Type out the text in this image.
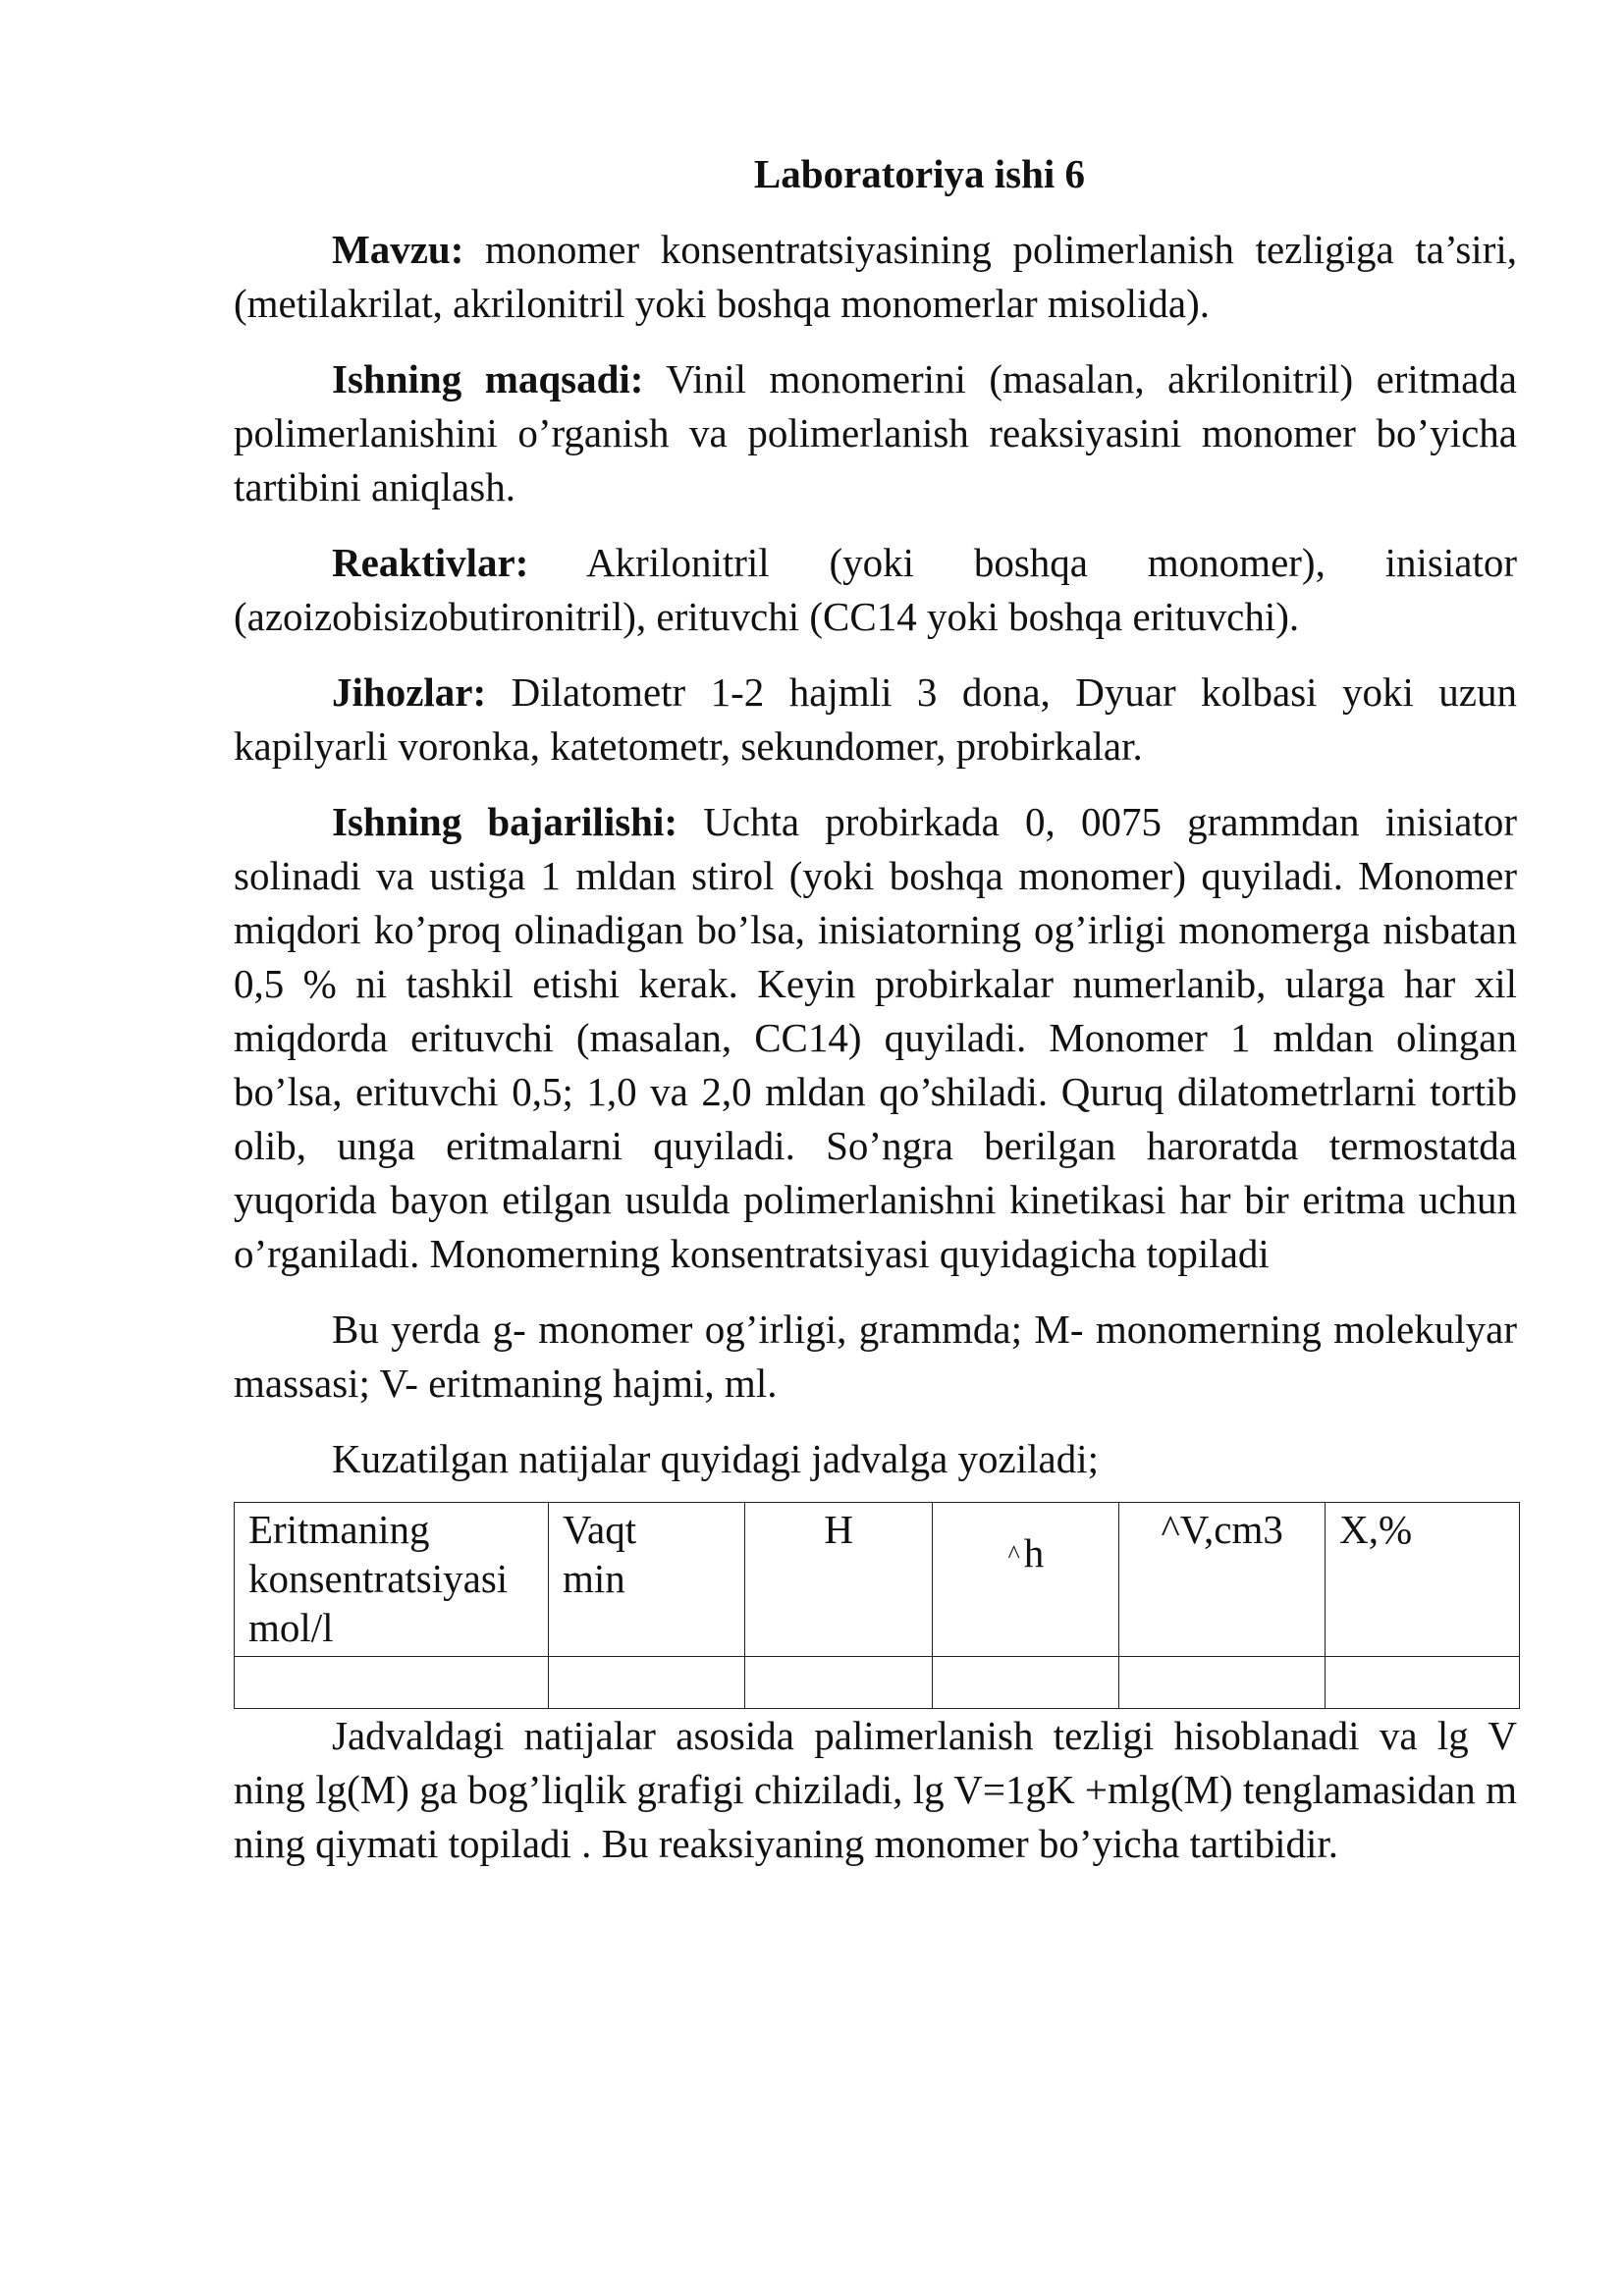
Laboratoriya ishi 6

Mavzu: monomer konsentratsiyasining polimerlanish tezligiga ta’siri, (metilakrilat, akrilonitril yoki boshqa monomerlar misolida).

Ishning maqsadi: Vinil monomerini (masalan, akrilonitril) eritmada polimerlanishini o’rganish va polimerlanish reaksiyasini monomer bo’yicha tartibini aniqlash.

Reaktivlar: Akrilonitril (yoki boshqa monomer), inisiator (azoizobisizobutironitril), erituvchi (CC14 yoki boshqa erituvchi).

Jihozlar: Dilatometr 1-2 hajmli 3 dona, Dyuar kolbasi yoki uzun kapilyarli voronka, katetometr, sekundomer, probirkalar.

Ishning bajarilishi: Uchta probirkada 0, 0075 grammdan inisiator solinadi va ustiga 1 mldan stirol (yoki boshqa monomer) quyiladi. Monomer miqdori ko’proq olinadigan bo’lsa, inisiatorning og’irligi monomerga nisbatan 0,5 % ni tashkil etishi kerak. Keyin probirkalar numerlanib, ularga har xil miqdorda erituvchi (masalan, CC14) quyiladi. Monomer 1 mldan olingan bo’lsa, erituvchi 0,5; 1,0 va 2,0 mldan qo’shiladi. Quruq dilatometrlarni tortib olib, unga eritmalarni quyiladi. So’ngra berilgan haroratda termostatda yuqorida bayon etilgan usulda polimerlanishni kinetikasi har bir eritma uchun o’rganiladi. Monomerning konsentratsiyasi quyidagicha topiladi

Bu yerda g- monomer og’irligi, grammda; M- monomerning molekulyar massasi; V- eritmaning hajmi, ml.

Kuzatilgan natijalar quyidagi jadvalga yoziladi;

Eritmaning
konsentratsiyasi
mol/l	Vaqt
min	H	^h	^V,cm3	X,%

Jadvaldagi natijalar asosida palimerlanish tezligi hisoblanadi va lg V ning lg(M) ga bog’liqlik grafigi chiziladi, lg V=1gK +mlg(M) tenglamasidan m ning qiymati topiladi . Bu reaksiyaning monomer bo’yicha tartibidir.
